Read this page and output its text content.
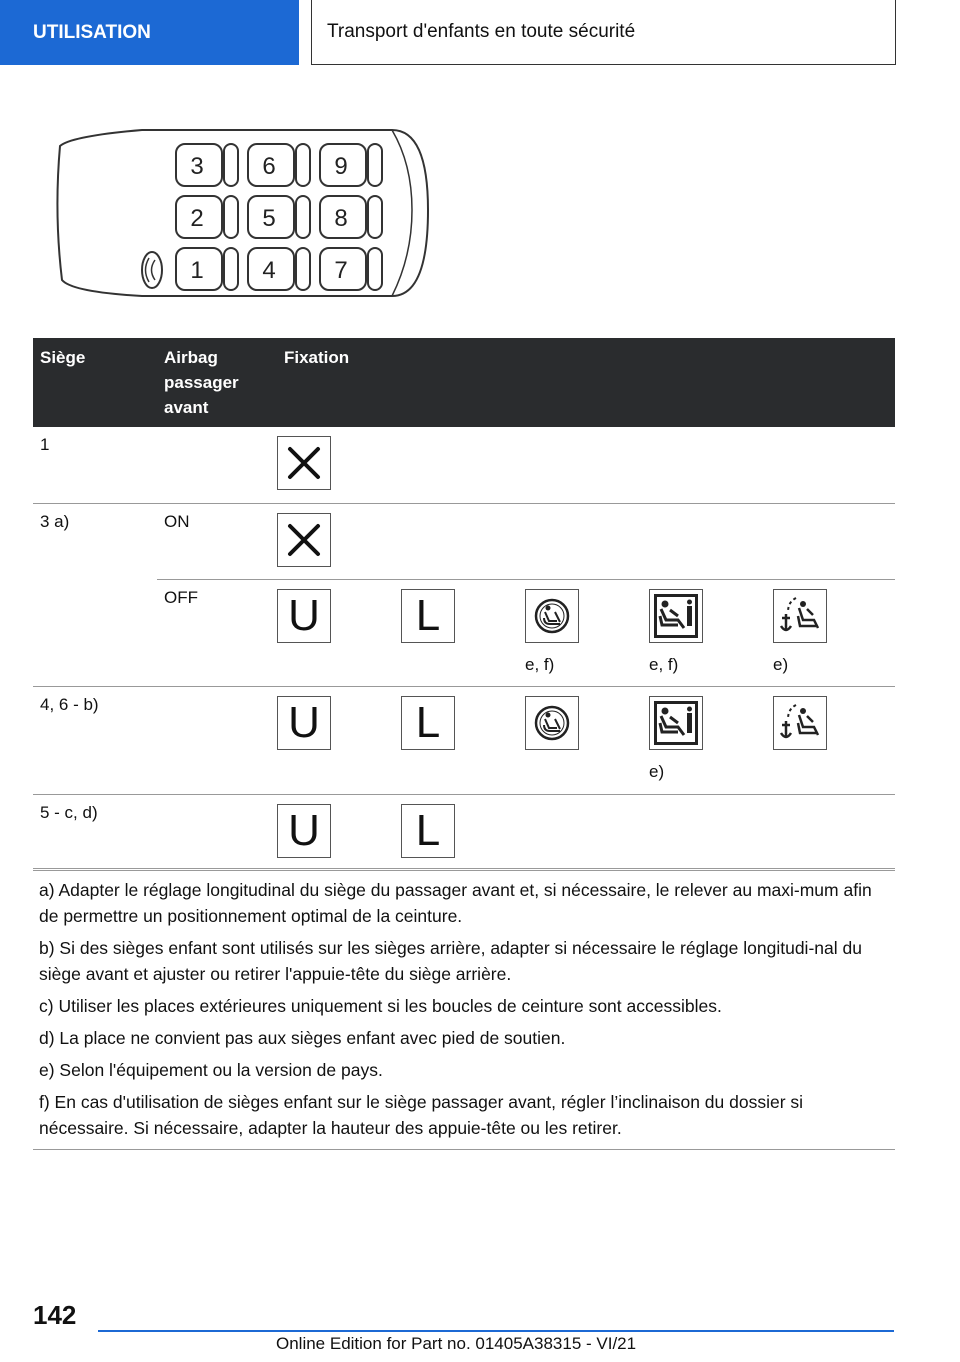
UTILISATION	Transport d'enfants en toute sécurité
3 6 9
2 5 8
1 4 7
Siège	Airbag passager avant	Fixation				
1		

3 a)	ON	

	OFF	U	L	e, f)	e, f)	e)

4, 6 - b)		U	L		e)

5 - c, d)		U	L			

a) Adapter le réglage longitudinal du siège du passager avant et, si nécessaire, le relever au maxi-mum afin de permettre un positionnement optimal de la ceinture.

b) Si des sièges enfant sont utilisés sur les sièges arrière, adapter si nécessaire le réglage longitudi-nal du siège avant et ajuster ou retirer l'appuie-tête du siège arrière.

c) Utiliser les places extérieures uniquement si les boucles de ceinture sont accessibles.

d) La place ne convient pas aux sièges enfant avec pied de soutien.

e) Selon l'équipement ou la version de pays.

f) En cas d'utilisation de sièges enfant sur le siège passager avant, régler l’inclinaison du dossier si nécessaire. Si nécessaire, adapter la hauteur des appuie-tête ou les retirer.

142
Online Edition for Part no. 01405A38315 - VI/21
